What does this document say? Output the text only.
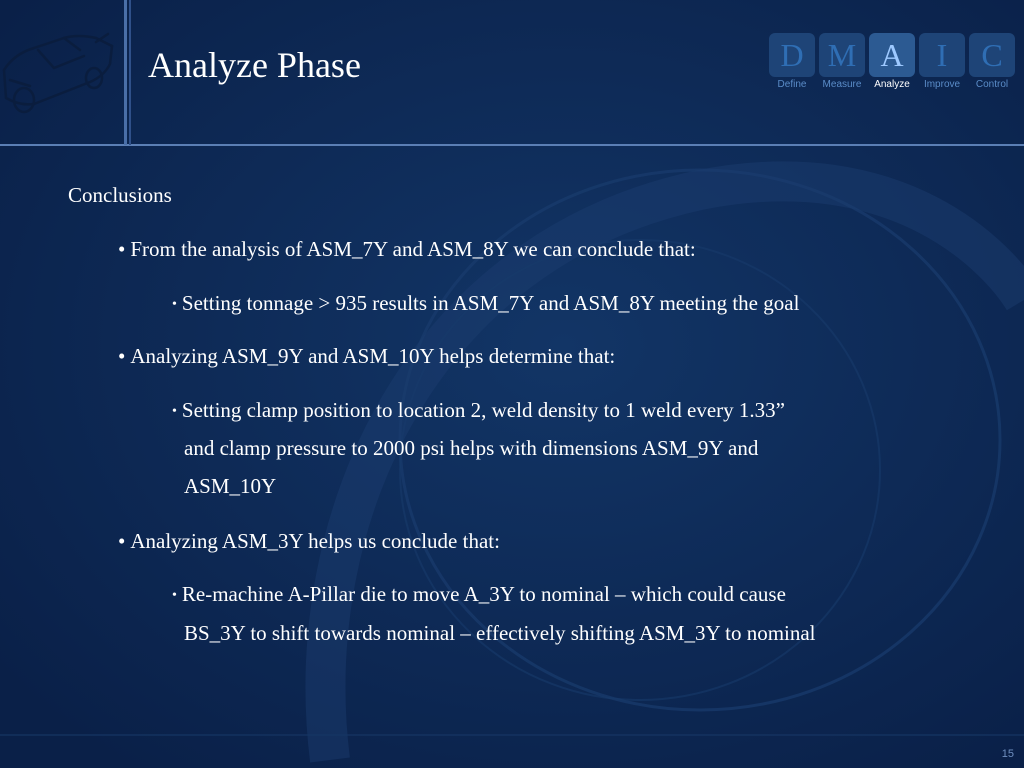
Analyze Phase	D
Define
M
Measure
A
Analyze
I
Improve
C
Control
Conclusions
• From the analysis of ASM_7Y and ASM_8Y we can conclude that:
• Setting tonnage > 935 results in ASM_7Y and ASM_8Y meeting the goal
• Analyzing ASM_9Y and ASM_10Y helps determine that:
• Setting clamp position to location 2, weld density to 1 weld every 1.33”
and clamp pressure to 2000 psi helps with dimensions ASM_9Y and
ASM_10Y
• Analyzing ASM_3Y helps us conclude that:
• Re-machine A-Pillar die to move A_3Y to nominal – which could cause
BS_3Y to shift towards nominal – effectively shifting ASM_3Y to nominal
15
